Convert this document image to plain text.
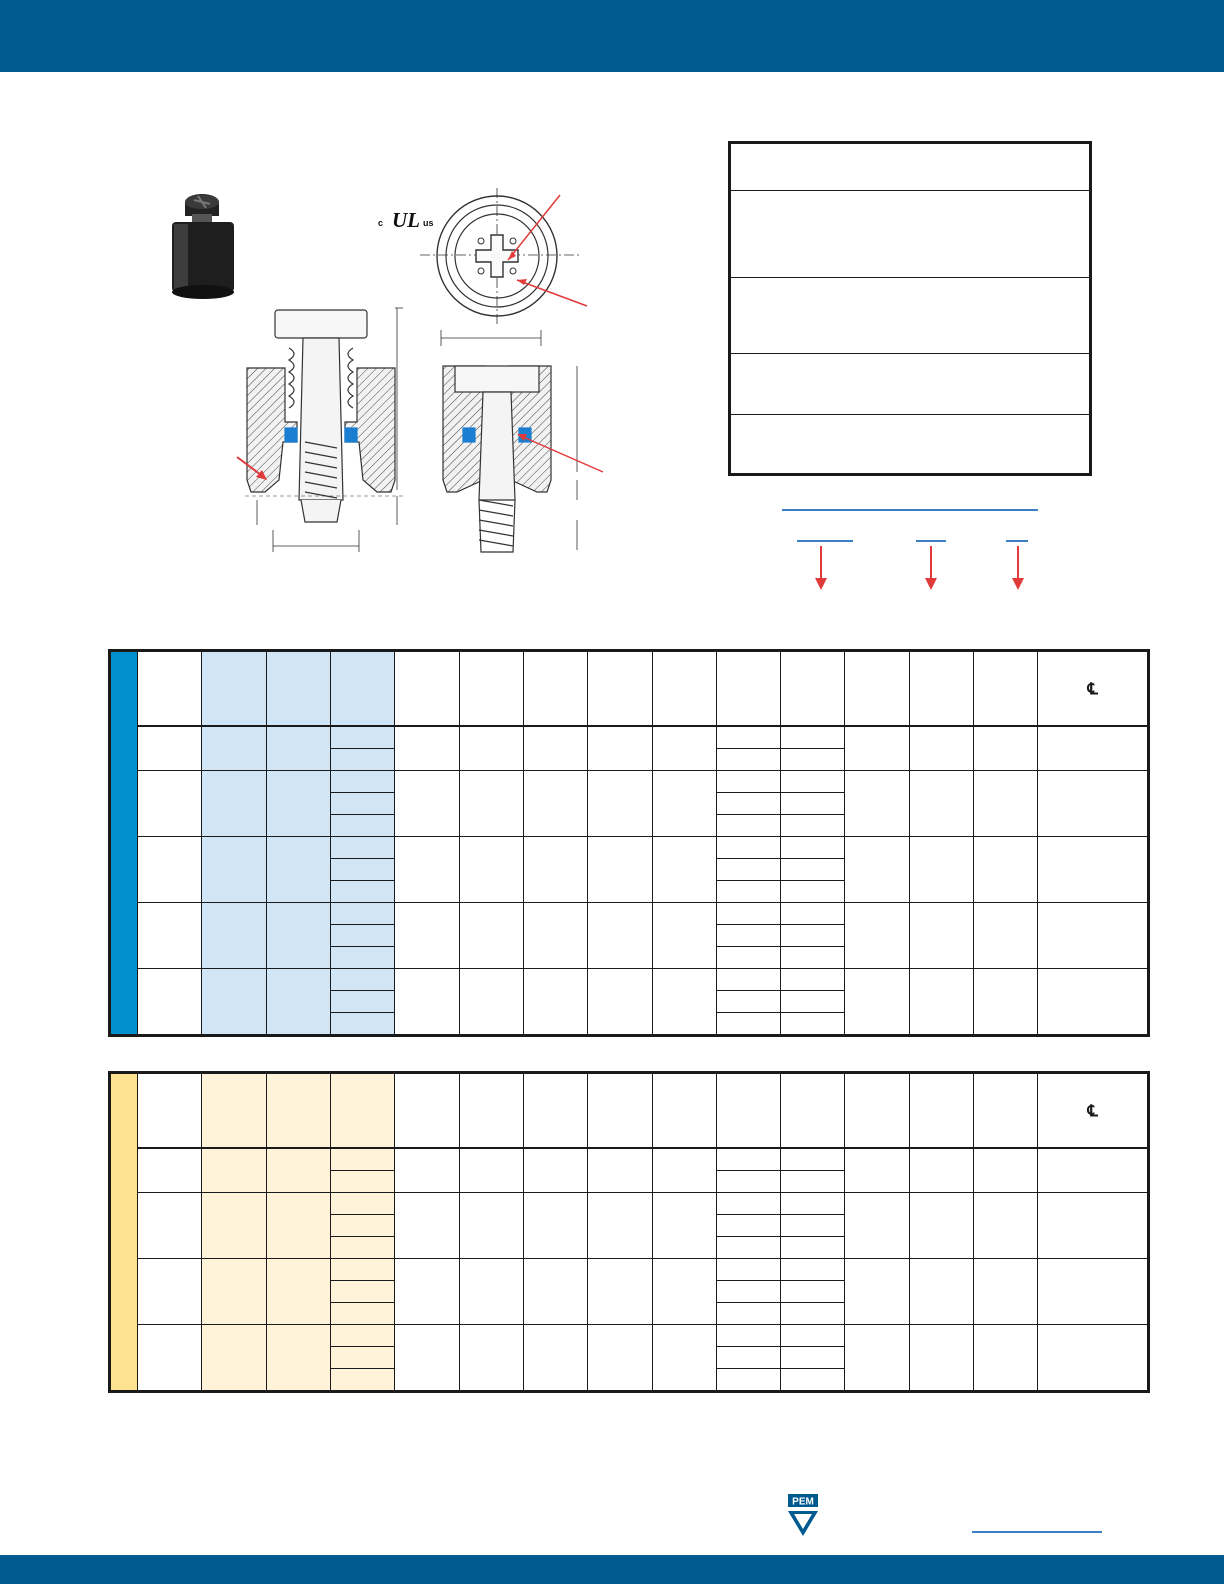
c UL us
															℄

															℄

PEM
